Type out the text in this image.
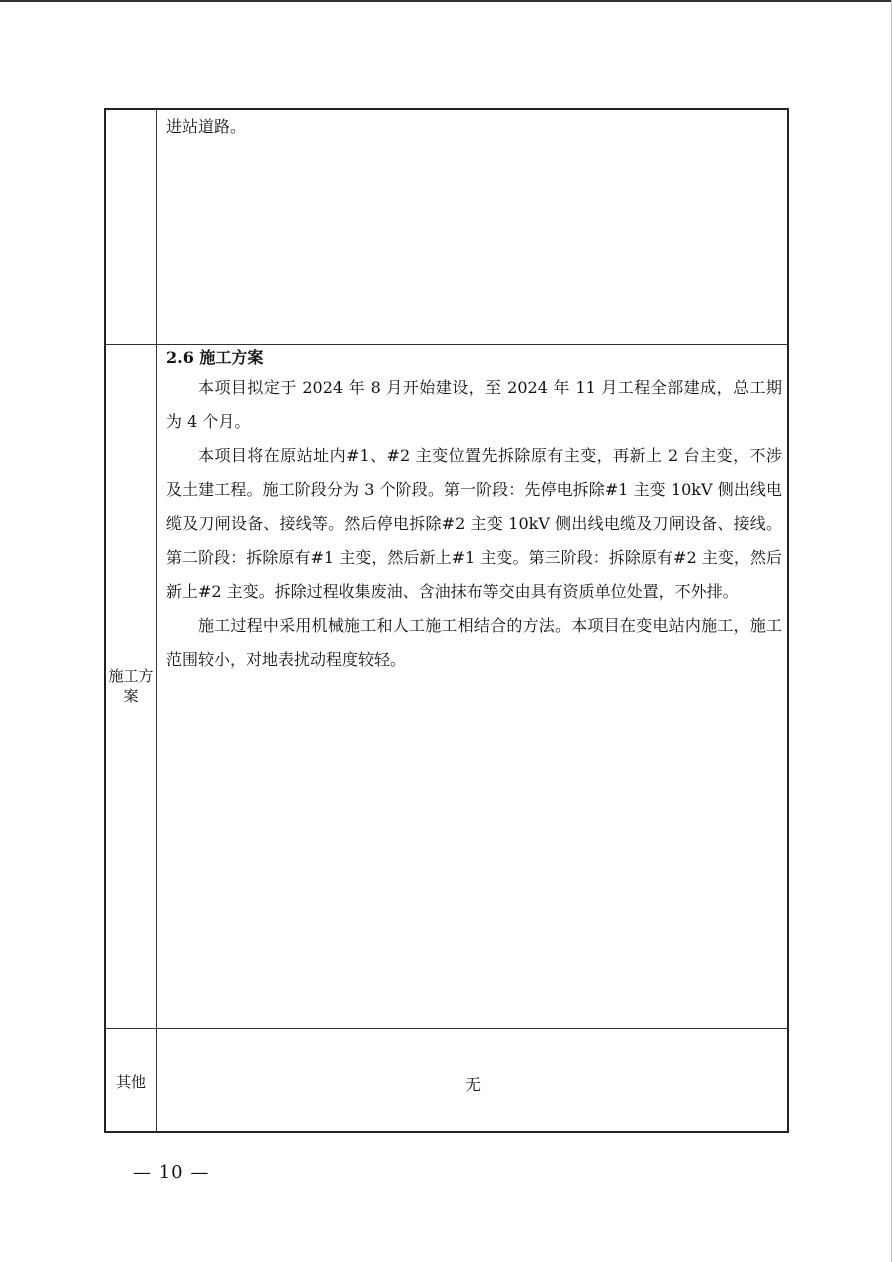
进站道路。
施工方案
2.6 施工方案

本项目拟定于 2024 年 8 月开始建设，至 2024 年 11 月工程全部建成，总工期为 4 个月。

本项目将在原站址内#1、#2 主变位置先拆除原有主变，再新上 2 台主变，不涉及土建工程。施工阶段分为 3 个阶段。第一阶段：先停电拆除#1 主变 10kV 侧出线电缆及刀闸设备、接线等。然后停电拆除#2 主变 10kV 侧出线电缆及刀闸设备、接线。第二阶段：拆除原有#1 主变，然后新上#1 主变。第三阶段：拆除原有#2 主变，然后新上#2 主变。拆除过程收集废油、含油抹布等交由具有资质单位处置，不外排。

施工过程中采用机械施工和人工施工相结合的方法。本项目在变电站内施工，施工范围较小，对地表扰动程度较轻。

其他	无
— 10 —
